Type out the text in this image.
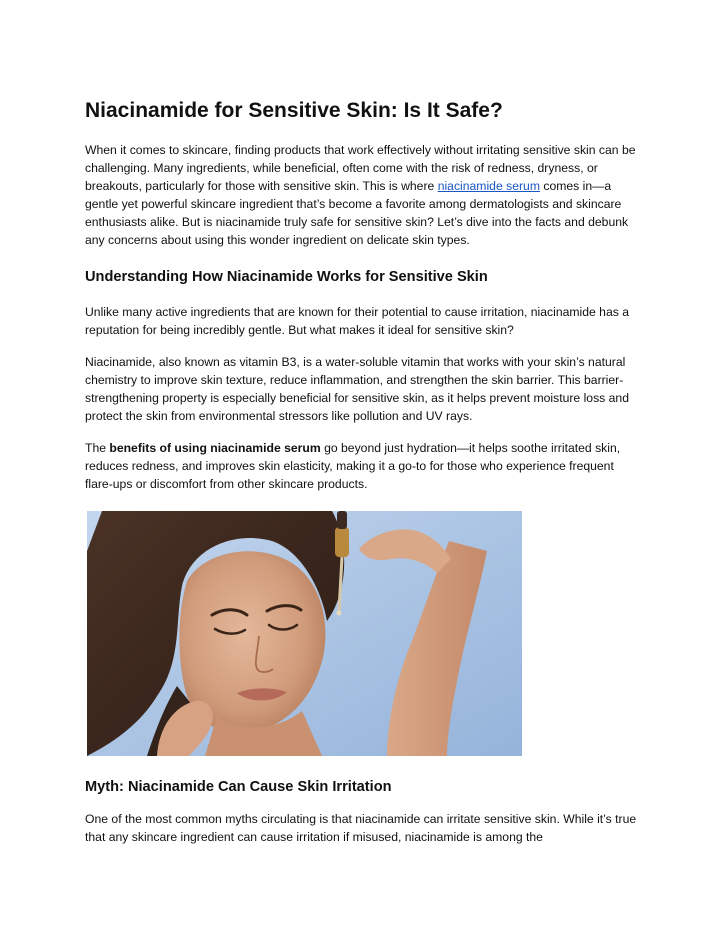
Niacinamide for Sensitive Skin: Is It Safe?

When it comes to skincare, finding products that work effectively without irritating sensitive skin can be challenging. Many ingredients, while beneficial, often come with the risk of redness, dryness, or breakouts, particularly for those with sensitive skin. This is where niacinamide serum comes in—a gentle yet powerful skincare ingredient that’s become a favorite among dermatologists and skincare enthusiasts alike. But is niacinamide truly safe for sensitive skin? Let’s dive into the facts and debunk any concerns about using this wonder ingredient on delicate skin types.

Understanding How Niacinamide Works for Sensitive Skin

Unlike many active ingredients that are known for their potential to cause irritation, niacinamide has a reputation for being incredibly gentle. But what makes it ideal for sensitive skin?

Niacinamide, also known as vitamin B3, is a water-soluble vitamin that works with your skin’s natural chemistry to improve skin texture, reduce inflammation, and strengthen the skin barrier. This barrier-strengthening property is especially beneficial for sensitive skin, as it helps prevent moisture loss and protect the skin from environmental stressors like pollution and UV rays.

The benefits of using niacinamide serum go beyond just hydration—it helps soothe irritated skin, reduces redness, and improves skin elasticity, making it a go-to for those who experience frequent flare-ups or discomfort from other skincare products.

Myth: Niacinamide Can Cause Skin Irritation

One of the most common myths circulating is that niacinamide can irritate sensitive skin. While it’s true that any skincare ingredient can cause irritation if misused, niacinamide is among the
